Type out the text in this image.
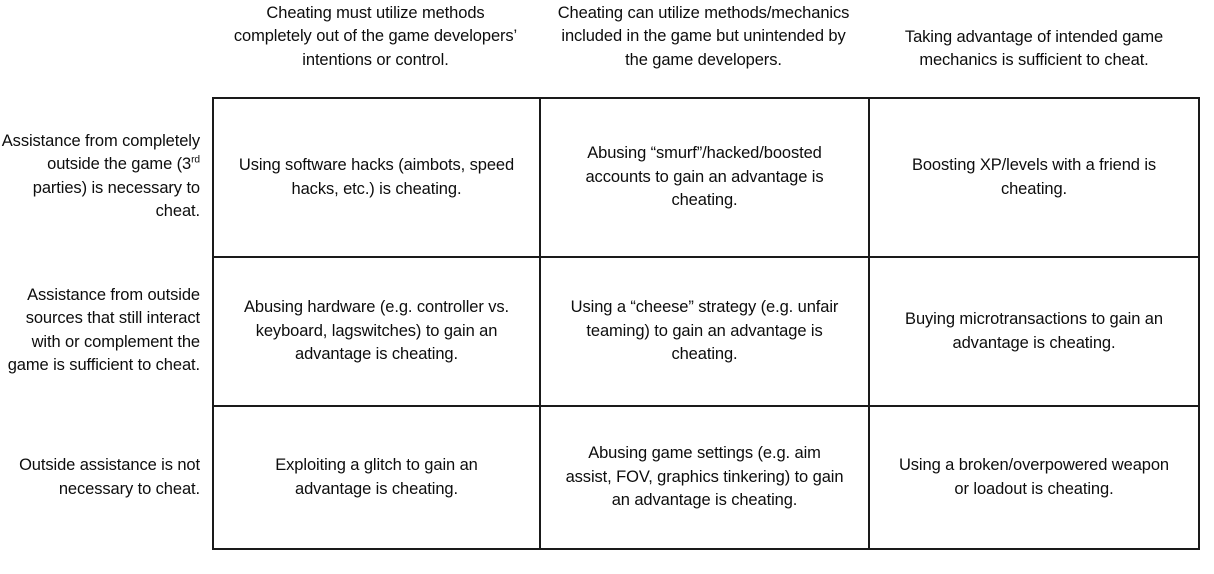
Cheating must utilize methods completely out of the game developers’ intentions or control.
Cheating can utilize methods/mechanics included in the game but unintended by the game developers.
Taking advantage of intended game mechanics is sufficient to cheat.
Assistance from completely outside the game (3rd parties) is necessary to cheat.
Assistance from outside sources that still interact with or complement the game is sufficient to cheat.
Outside assistance is not necessary to cheat.
Using software hacks (aimbots, speed hacks, etc.) is cheating.
Abusing “smurf”/hacked/boosted accounts to gain an advantage is cheating.
Boosting XP/levels with a friend is cheating.
Abusing hardware (e.g. controller vs. keyboard, lagswitches) to gain an advantage is cheating.
Using a “cheese” strategy (e.g. unfair teaming) to gain an advantage is cheating.
Buying microtransactions to gain an advantage is cheating.
Exploiting a glitch to gain an advantage is cheating.
Abusing game settings (e.g. aim assist, FOV, graphics tinkering) to gain an advantage is cheating.
Using a broken/overpowered weapon or loadout is cheating.
